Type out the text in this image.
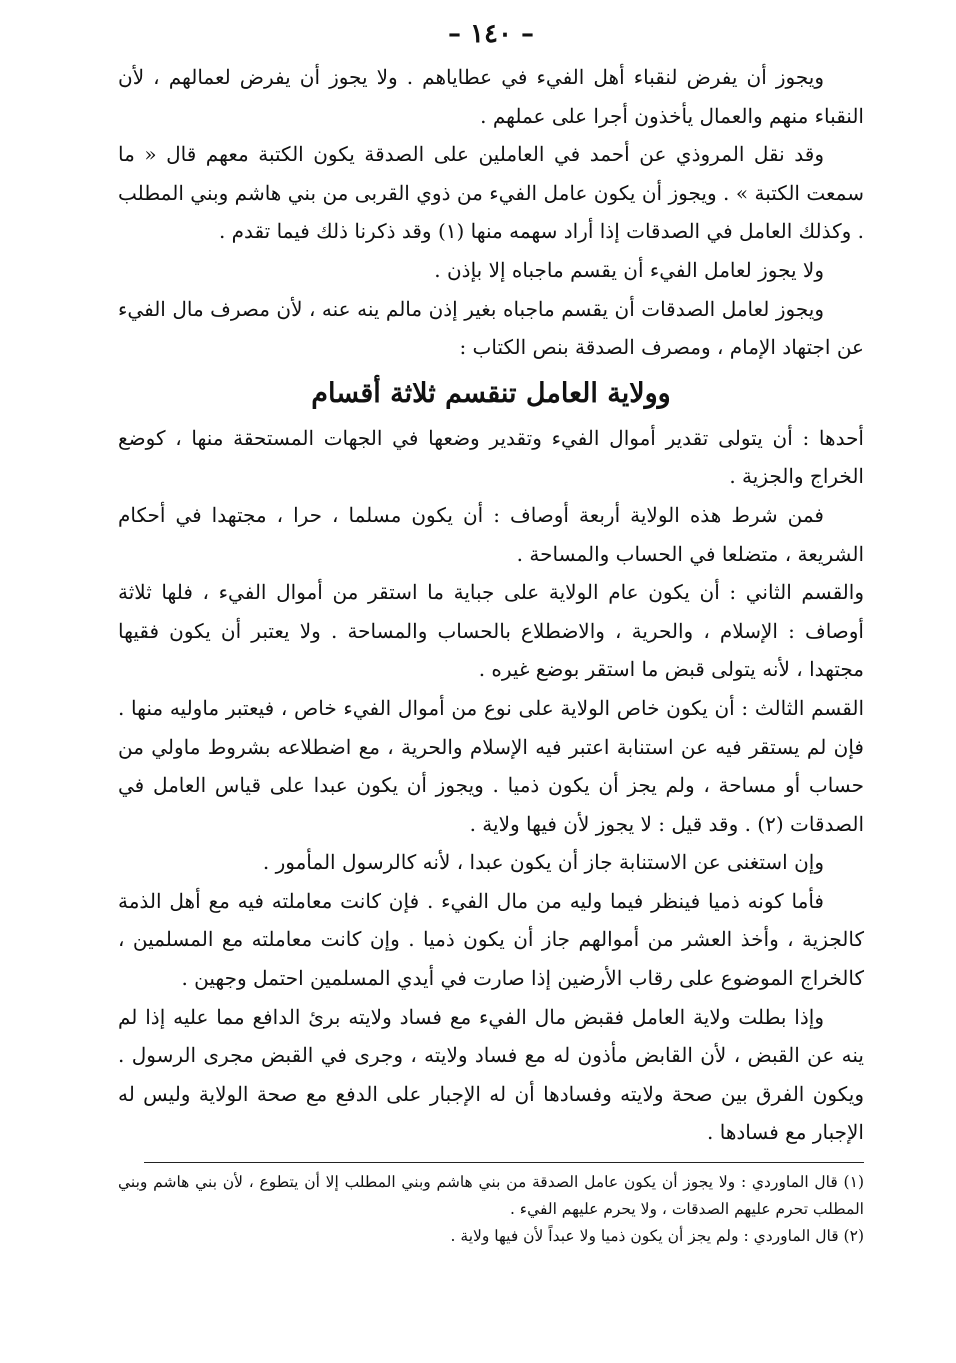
– ١٤٠ –

ويجوز أن يفرض لنقباء أهل الفيء في عطاياهم . ولا يجوز أن يفرض لعمالهم ، لأن النقباء منهم والعمال يأخذون أجرا على عملهم .

وقد نقل المروذي عن أحمد في العاملين على الصدقة يكون الكتبة معهم قال « ما سمعت الكتبة » . ويجوز أن يكون عامل الفيء من ذوي القربى من بني هاشم وبني المطلب . وكذلك العامل في الصدقات إذا أراد سهمه منها (١) وقد ذكرنا ذلك فيما تقدم .

ولا يجوز لعامل الفيء أن يقسم ماجباه إلا بإذن .

ويجوز لعامل الصدقات أن يقسم ماجباه بغير إذن مالم ينه عنه ، لأن مصرف مال الفيء عن اجتهاد الإمام ، ومصرف الصدقة بنص الكتاب :

وولاية العامل تنقسم ثلاثة أقسام

أحدها : أن يتولى تقدير أموال الفيء وتقدير وضعها في الجهات المستحقة منها ، كوضع الخراج والجزية .

فمن شرط هذه الولاية أربعة أوصاف : أن يكون مسلما ، حرا ، مجتهدا في أحكام الشريعة ، متضلعا في الحساب والمساحة .

والقسم الثاني : أن يكون عام الولاية على جباية ما استقر من أموال الفيء ، فلها ثلاثة أوصاف : الإسلام ، والحرية ، والاضطلاع بالحساب والمساحة . ولا يعتبر أن يكون فقيها مجتهدا ، لأنه يتولى قبض ما استقر بوضع غيره .

القسم الثالث : أن يكون خاص الولاية على نوع من أموال الفيء خاص ، فيعتبر ماوليه منها . فإن لم يستقر فيه عن استنابة اعتبر فيه الإسلام والحرية ، مع اضطلاعه بشروط ماولي من حساب أو مساحة ، ولم يجز أن يكون ذميا . ويجوز أن يكون عبدا على قياس العامل في الصدقات (٢) . وقد قيل : لا يجوز لأن فيها ولاية .

وإن استغنى عن الاستنابة جاز أن يكون عبدا ، لأنه كالرسول المأمور .

فأما كونه ذميا فينظر فيما وليه من مال الفيء . فإن كانت معاملته فيه مع أهل الذمة كالجزية ، وأخذ العشر من أموالهم جاز أن يكون ذميا . وإن كانت معاملته مع المسلمين ، كالخراج الموضوع على رقاب الأرضين إذا صارت في أيدي المسلمين احتمل وجهين .

وإذا بطلت ولاية العامل فقبض مال الفيء مع فساد ولايته برئ الدافع مما عليه إذا لم ينه عن القبض ، لأن القابض مأذون له مع فساد ولايته ، وجرى في القبض مجرى الرسول . ويكون الفرق بين صحة ولايته وفسادها أن له الإجبار على الدفع مع صحة الولاية وليس له الإجبار مع فسادها .

(١) قال الماوردي : ولا يجوز أن يكون عامل الصدقة من بني هاشم وبني المطلب إلا أن يتطوع ، لأن بني هاشم وبني المطلب تحرم عليهم الصدقات ، ولا يحرم عليهم الفيء .

(٢) قال الماوردي : ولم يجز أن يكون ذميا ولا عبداً لأن فيها ولاية .
